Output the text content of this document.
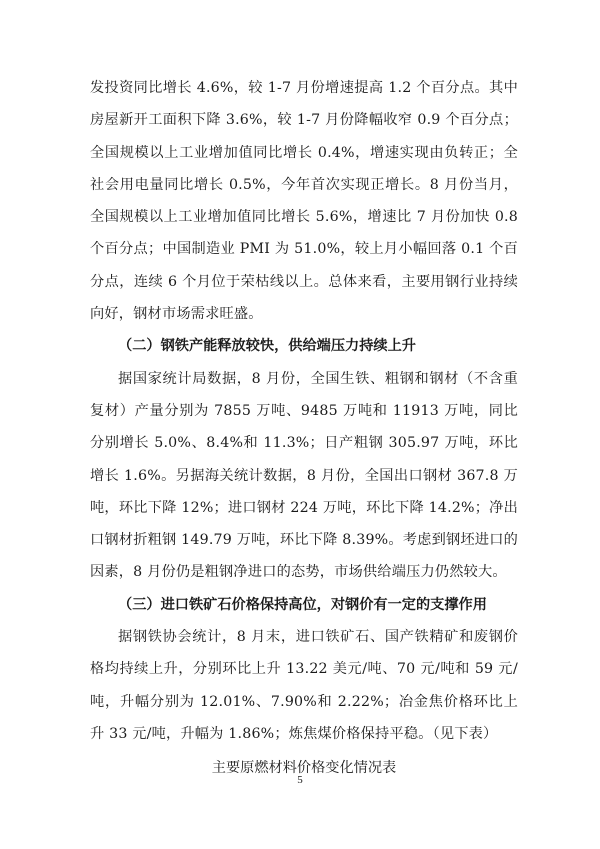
发投资同比增长 4.6%，较 1-7 月份增速提高 1.2 个百分点。其中房屋新开工面积下降 3.6%，较 1-7 月份降幅收窄 0.9 个百分点；全国规模以上工业增加值同比增长 0.4%，增速实现由负转正；全社会用电量同比增长 0.5%，今年首次实现正增长。8 月份当月，全国规模以上工业增加值同比增长 5.6%，增速比 7 月份加快 0.8 个百分点；中国制造业 PMI 为 51.0%，较上月小幅回落 0.1 个百分点，连续 6 个月位于荣枯线以上。总体来看，主要用钢行业持续向好，钢材市场需求旺盛。

（二）钢铁产能释放较快，供给端压力持续上升

据国家统计局数据，8 月份，全国生铁、粗钢和钢材（不含重复材）产量分别为 7855 万吨、9485 万吨和 11913 万吨，同比分别增长 5.0%、8.4%和 11.3%；日产粗钢 305.97 万吨，环比增长 1.6%。另据海关统计数据，8 月份，全国出口钢材 367.8 万吨，环比下降 12%；进口钢材 224 万吨，环比下降 14.2%；净出口钢材折粗钢 149.79 万吨，环比下降 8.39%。考虑到钢坯进口的因素，8 月份仍是粗钢净进口的态势，市场供给端压力仍然较大。

（三）进口铁矿石价格保持高位，对钢价有一定的支撑作用

据钢铁协会统计，8 月末，进口铁矿石、国产铁精矿和废钢价格均持续上升，分别环比上升 13.22 美元/吨、70 元/吨和 59 元/吨，升幅分别为 12.01%、7.90%和 2.22%；冶金焦价格环比上升 33 元/吨，升幅为 1.86%；炼焦煤价格保持平稳。（见下表）

主要原燃材料价格变化情况表

5
